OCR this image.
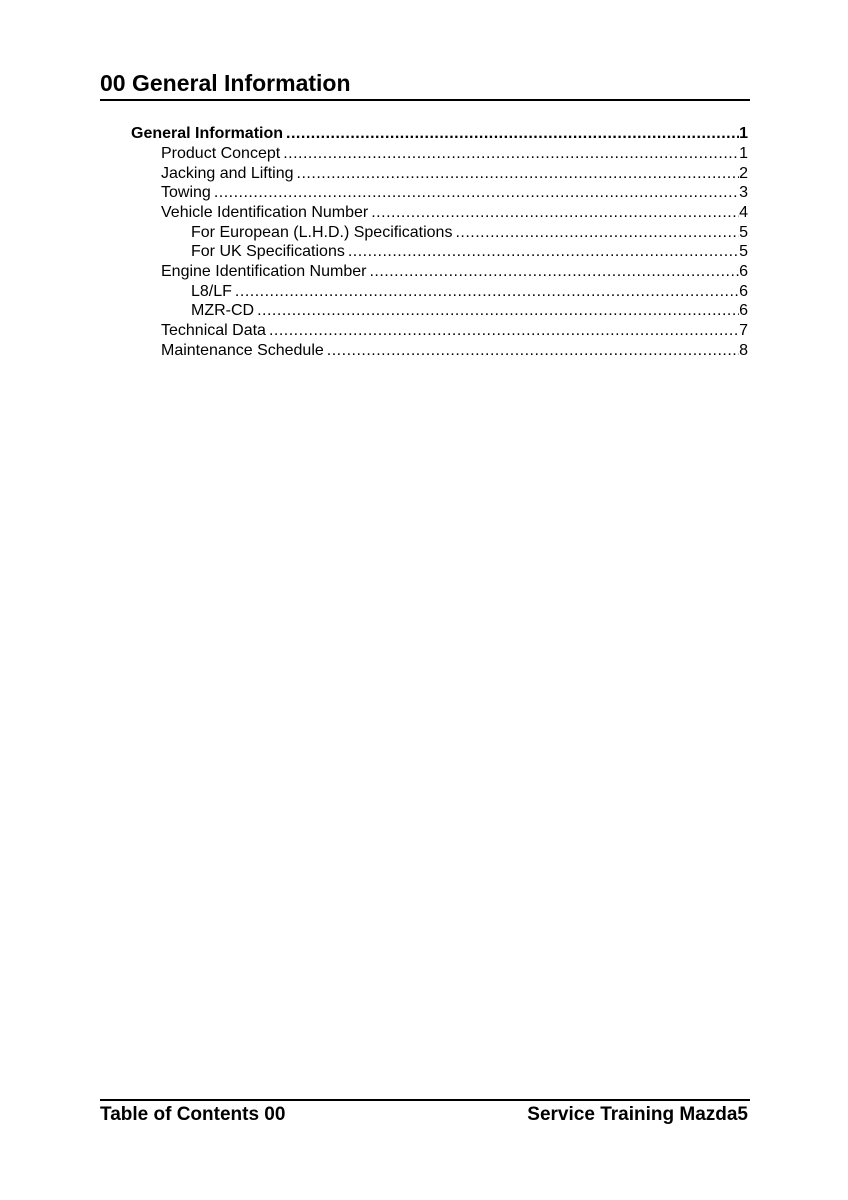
00 General Information
General Information .....	1
Product Concept .....	1
Jacking and Lifting .....	2
Towing .....	3
Vehicle Identification Number .....	4
For European (L.H.D.) Specifications .....	5
For UK Specifications .....	5
Engine Identification Number .....	6
L8/LF .....	6
MZR-CD .....	6
Technical Data .....	7
Maintenance Schedule .....	8
Table of Contents 00	Service Training Mazda5
